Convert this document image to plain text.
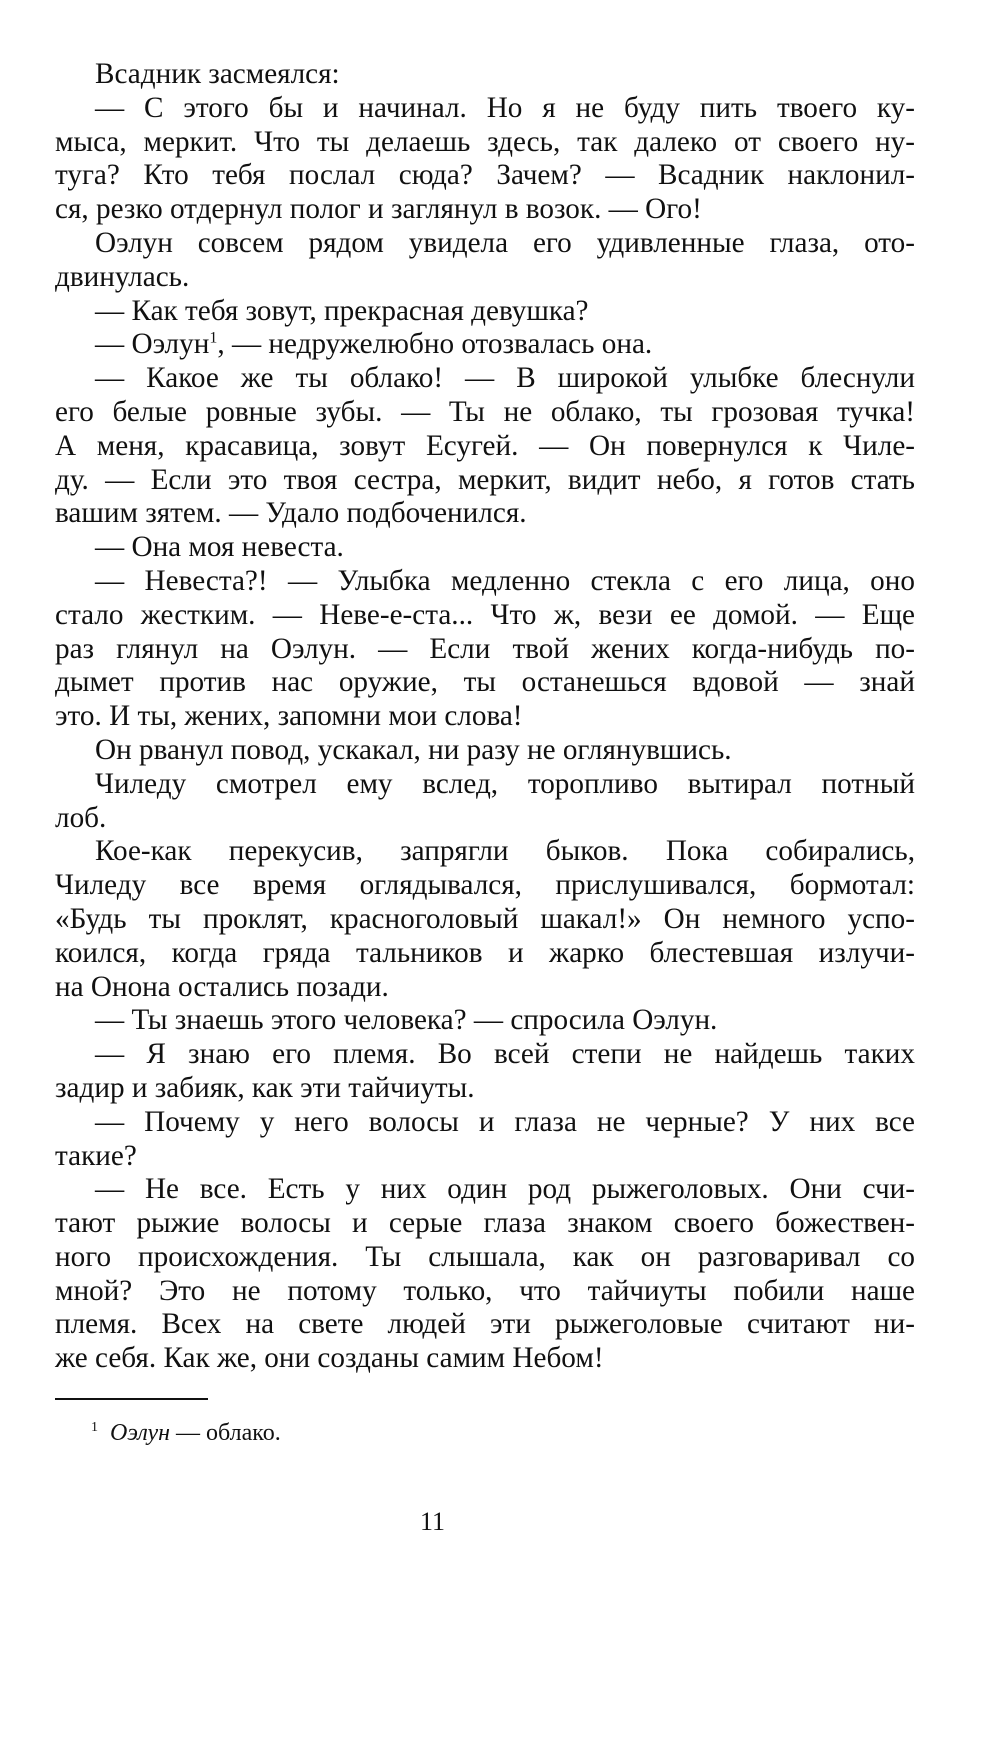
Всадник засмеялся:
— С этого бы и начинал. Но я не буду пить твоего ку-
мыса, меркит. Что ты делаешь здесь, так далеко от своего ну-
туга? Кто тебя послал сюда? Зачем? — Всадник наклонил-
ся, резко отдернул полог и заглянул в возок. — Ого!
Оэлун совсем рядом увидела его удивленные глаза, ото-
двинулась.
— Как тебя зовут, прекрасная девушка?
— Оэлун$^1$, — недружелюбно отозвалась она.
— Какое же ты облако! — В широкой улыбке блеснули
его белые ровные зубы. — Ты не облако, ты грозовая тучка!
А меня, красавица, зовут Есугей. — Он повернулся к Чиле-
ду. — Если это твоя сестра, меркит, видит небо, я готов стать
вашим зятем. — Удало подбоченился.
— Она моя невеста.
— Невеста?! — Улыбка медленно стекла с его лица, оно
стало жестким. — Неве-е-ста... Что ж, вези ее домой. — Еще
раз глянул на Оэлун. — Если твой жених когда-нибудь по-
дымет против нас оружие, ты останешься вдовой — знай
это. И ты, жених, запомни мои слова!
Он рванул повод, ускакал, ни разу не оглянувшись.
Чиледу смотрел ему вслед, торопливо вытирал потный
лоб.
Кое-как перекусив, запрягли быков. Пока собирались,
Чиледу все время оглядывался, прислушивался, бормотал:
«Будь ты проклят, красноголовый шакал!» Он немного успо-
коился, когда гряда тальников и жарко блестевшая излучи-
на Онона остались позади.
— Ты знаешь этого человека? — спросила Оэлун.
— Я знаю его племя. Во всей степи не найдешь таких
задир и забияк, как эти тайчиуты.
— Почему у него волосы и глаза не черные? У них все
такие?
— Не все. Есть у них один род рыжеголовых. Они счи-
тают рыжие волосы и серые глаза знаком своего божествен-
ного происхождения. Ты слышала, как он разговаривал со
мной? Это не потому только, что тайчиуты побили наше
племя. Всех на свете людей эти рыжеголовые считают ни-
же себя. Как же, они созданы самим Небом!
$^1$ Оэлун — облако.
11
